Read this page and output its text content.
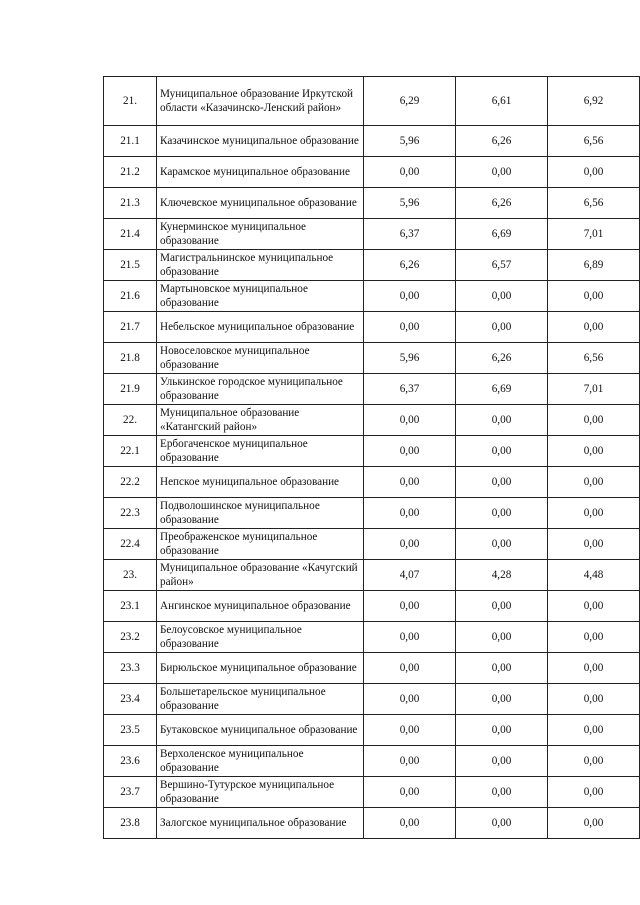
21.	Муниципальное образование Иркутской области «Казачинско-Ленский район»	6,29	6,61	6,92
21.1	Казачинское муниципальное образование	5,96	6,26	6,56
21.2	Карамское муниципальное образование	0,00	0,00	0,00
21.3	Ключевское муниципальное образование	5,96	6,26	6,56
21.4	Кунерминское муниципальное образование	6,37	6,69	7,01
21.5	Магистральнинское муниципальное образование	6,26	6,57	6,89
21.6	Мартыновское муниципальное образование	0,00	0,00	0,00
21.7	Небельское муниципальное образование	0,00	0,00	0,00
21.8	Новоселовское муниципальное образование	5,96	6,26	6,56
21.9	Улькинское городское муниципальное образование	6,37	6,69	7,01
22.	Муниципальное образование «Катангский район»	0,00	0,00	0,00
22.1	Ербогаченское муниципальное образование	0,00	0,00	0,00
22.2	Непское муниципальное образование	0,00	0,00	0,00
22.3	Подволошинское муниципальное образование	0,00	0,00	0,00
22.4	Преображенское муниципальное образование	0,00	0,00	0,00
23.	Муниципальное образование «Качугский район»	4,07	4,28	4,48
23.1	Ангинское муниципальное образование	0,00	0,00	0,00
23.2	Белоусовское муниципальное образование	0,00	0,00	0,00
23.3	Бирюльское муниципальное образование	0,00	0,00	0,00
23.4	Большетарельское муниципальное образование	0,00	0,00	0,00
23.5	Бутаковское муниципальное образование	0,00	0,00	0,00
23.6	Верхоленское муниципальное образование	0,00	0,00	0,00
23.7	Вершино-Тутурское муниципальное образование	0,00	0,00	0,00
23.8	Залогское муниципальное образование	0,00	0,00	0,00
